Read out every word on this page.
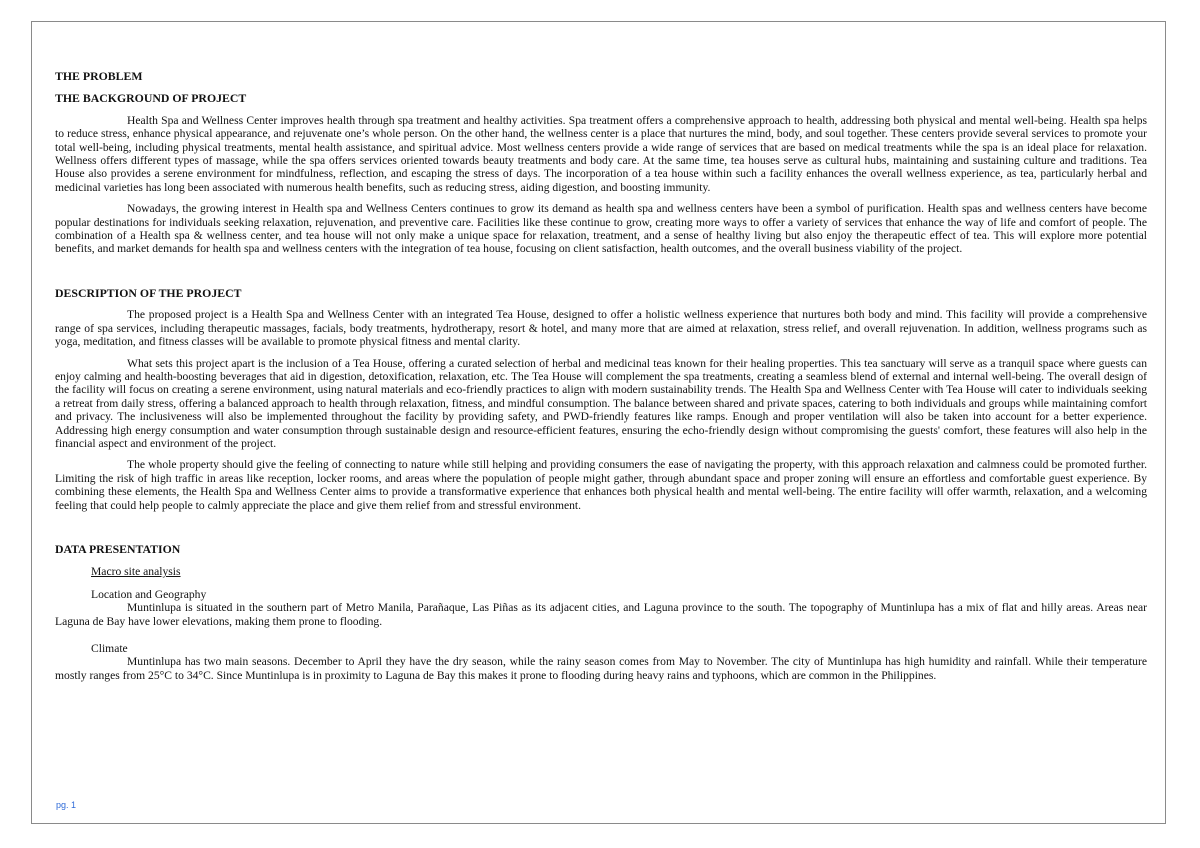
THE PROBLEM

THE BACKGROUND OF PROJECT

Health Spa and Wellness Center improves health through spa treatment and healthy activities. Spa treatment offers a comprehensive approach to health, addressing both physical and mental well-being. Health spa helps to reduce stress, enhance physical appearance, and rejuvenate one’s whole person. On the other hand, the wellness center is a place that nurtures the mind, body, and soul together. These centers provide several services to promote your total well-being, including physical treatments, mental health assistance, and spiritual advice. Most wellness centers provide a wide range of services that are based on medical treatments while the spa is an ideal place for relaxation. Wellness offers different types of massage, while the spa offers services oriented towards beauty treatments and body care. At the same time, tea houses serve as cultural hubs, maintaining and sustaining culture and traditions. Tea House also provides a serene environment for mindfulness, reflection, and escaping the stress of days. The incorporation of a tea house within such a facility enhances the overall wellness experience, as tea, particularly herbal and medicinal varieties has long been associated with numerous health benefits, such as reducing stress, aiding digestion, and boosting immunity.

Nowadays, the growing interest in Health spa and Wellness Centers continues to grow its demand as health spa and wellness centers have been a symbol of purification. Health spas and wellness centers have become popular destinations for individuals seeking relaxation, rejuvenation, and preventive care. Facilities like these continue to grow, creating more ways to offer a variety of services that enhance the way of life and comfort of people. The combination of a Health spa & wellness center, and tea house will not only make a unique space for relaxation, treatment, and a sense of healthy living but also enjoy the therapeutic effect of tea. This will explore more potential benefits, and market demands for health spa and wellness centers with the integration of tea house, focusing on client satisfaction, health outcomes, and the overall business viability of the project.

DESCRIPTION OF THE PROJECT

The proposed project is a Health Spa and Wellness Center with an integrated Tea House, designed to offer a holistic wellness experience that nurtures both body and mind. This facility will provide a comprehensive range of spa services, including therapeutic massages, facials, body treatments, hydrotherapy, resort & hotel, and many more that are aimed at relaxation, stress relief, and overall rejuvenation. In addition, wellness programs such as yoga, meditation, and fitness classes will be available to promote physical fitness and mental clarity.

What sets this project apart is the inclusion of a Tea House, offering a curated selection of herbal and medicinal teas known for their healing properties. This tea sanctuary will serve as a tranquil space where guests can enjoy calming and health-boosting beverages that aid in digestion, detoxification, relaxation, etc. The Tea House will complement the spa treatments, creating a seamless blend of external and internal well-being. The overall design of the facility will focus on creating a serene environment, using natural materials and eco-friendly practices to align with modern sustainability trends. The Health Spa and Wellness Center with Tea House will cater to individuals seeking a retreat from daily stress, offering a balanced approach to health through relaxation, fitness, and mindful consumption. The balance between shared and private spaces, catering to both individuals and groups while maintaining comfort and privacy. The inclusiveness will also be implemented throughout the facility by providing safety, and PWD-friendly features like ramps. Enough and proper ventilation will also be taken into account for a better experience. Addressing high energy consumption and water consumption through sustainable design and resource-efficient features, ensuring the echo-friendly design without compromising the guests' comfort, these features will also help in the financial aspect and environment of the project.

The whole property should give the feeling of connecting to nature while still helping and providing consumers the ease of navigating the property, with this approach relaxation and calmness could be promoted further. Limiting the risk of high traffic in areas like reception, locker rooms, and areas where the population of people might gather, through abundant space and proper zoning will ensure an effortless and comfortable guest experience. By combining these elements, the Health Spa and Wellness Center aims to provide a transformative experience that enhances both physical health and mental well-being. The entire facility will offer warmth, relaxation, and a welcoming feeling that could help people to calmly appreciate the place and give them relief from and stressful environment.

DATA PRESENTATION

Macro site analysis

Location and Geography

Muntinlupa is situated in the southern part of Metro Manila, Parañaque, Las Piñas as its adjacent cities, and Laguna province to the south. The topography of Muntinlupa has a mix of flat and hilly areas. Areas near Laguna de Bay have lower elevations, making them prone to flooding.

Climate

Muntinlupa has two main seasons. December to April they have the dry season, while the rainy season comes from May to November. The city of Muntinlupa has high humidity and rainfall. While their temperature mostly ranges from 25°C to 34°C. Since Muntinlupa is in proximity to Laguna de Bay this makes it prone to flooding during heavy rains and typhoons, which are common in the Philippines.

pg. 1
